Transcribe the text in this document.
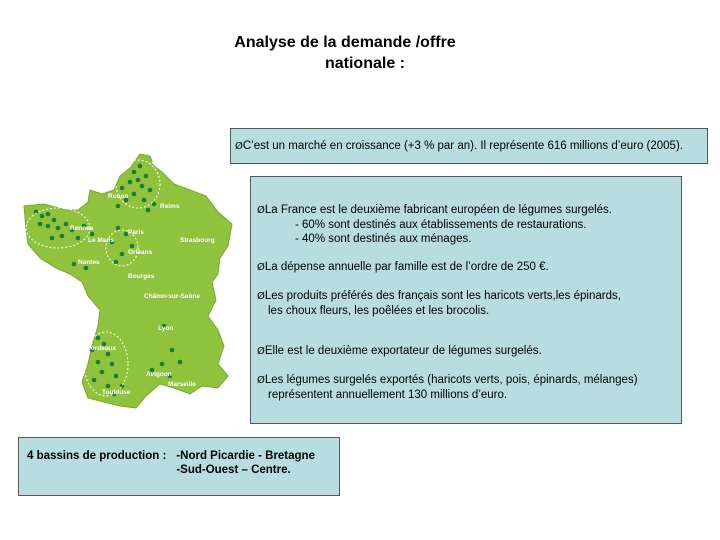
Analyse de la demande /offre
nationale :
Lille
Rouen
Reims
Brest
Rennes
Le Mans
Paris
Strasbourg
Orléans
Nantes
Bourges
Châlon-sur-Saône
Lyon
Bordeaux
Avignon
Marseille
Toulouse
ØC’est un marché en croissance (+3 % par an). Il représente 616 millions d’euro (2005).
ØLa France est le deuxième fabricant européen de légumes surgelés.
- 60% sont destinés aux établissements de restaurations.
- 40% sont destinés aux ménages.
ØLa dépense annuelle par famille est de l’ordre de 250 €.
ØLes produits préférés des français sont les haricots verts,les épinards,
les choux fleurs, les poêlées et les brocolis.
ØElle est le deuxième exportateur de légumes surgelés.
ØLes légumes surgelés exportés (haricots verts, pois, épinards, mélanges)
représentent annuellement 130 millions d’euro.
4 bassins de production : -Nord Picardie - Bretagne
-Sud-Ouest – Centre.
